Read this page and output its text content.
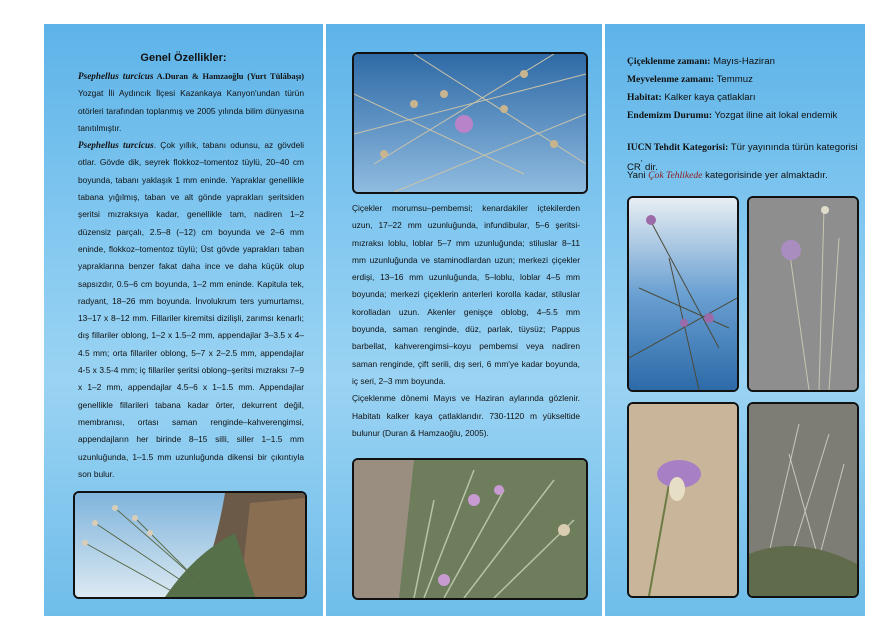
Genel Özellikler:
Psephellus turcicus A.Duran & Hamzaoğlu (Yurt Tülâbaşı) Yozgat İli Aydıncık İlçesi Kazankaya Kanyon'undan türün otörleri tarafından toplanmış ve 2005 yılında bilim dünyasına tanıtılmıştır.
Psephellus turcicus. Çok yıllık, tabanı odunsu, az gövdeli otlar. Gövde dik, seyrek flokkoz–tomentoz tüylü, 20–40 cm boyunda, tabanı yaklaşık 1 mm eninde. Yapraklar genellikle tabana yığılmış, taban ve alt gönde yaprakları şeritsiden şeritsi mızraksıya kadar, genellikle tam, nadiren 1–2 düzensiz parçalı, 2.5–8 (–12) cm boyunda ve 2–6 mm eninde, flokkoz–tomentoz tüylü; Üst gövde yaprakları taban yapraklarına benzer fakat daha ince ve daha küçük olup sapsızdır, 0.5–6 cm boyunda, 1–2 mm eninde. Kapitula tek, radyant, 18–26 mm boyunda. İnvolukrum ters yumurtamsı, 13–17 x 8–12 mm. Fillariler kiremitsi dizilişli, zarımsı kenarlı; dış fillariler oblong, 1–2 x 1.5–2 mm, appendajlar 3–3.5 x 4–4.5 mm; orta fillariler oblong, 5–7 x 2–2.5 mm, appendajlar 4-5 x 3.5-4 mm; iç fillariler şeritsi oblong–şeritsi mızraksı 7–9 x 1–2 mm, appendajlar 4.5–6 x 1–1.5 mm. Appendajlar genellikle fillarileri tabana kadar örter, dekurrent değil, membranısı, ortası saman renginde–kahverengimsi, appendajların her birinde 8–15 silli, siller 1–1.5 mm uzunluğunda, 1–1.5 mm uzunluğunda dikensi bir çıkıntıyla son bulur.
Çiçekler morumsu–pembemsi; kenardakiler içtekilerden uzun, 17–22 mm uzunluğunda, infundibular, 5–6 şeritsi-mızraksı loblu, loblar 5–7 mm uzunluğunda; stiluslar 8–11 mm uzunluğunda ve staminodlardan uzun; merkezi çiçekler erdişi, 13–16 mm uzunluğunda, 5–loblu, loblar 4–5 mm boyunda; merkezi çiçeklerin anterleri korolla kadar, stiluslar korolladan uzun. Akenler genişçe oblobg, 4–5.5 mm boyunda, saman renginde, düz, parlak, tüysüz; Pappus barbellat, kahverengimsi–koyu pembemsi veya nadiren saman renginde, çift serili, dış seri, 6 mm'ye kadar boyunda, iç seri, 2–3 mm boyunda.
Çiçeklenme dönemi Mayıs ve Haziran aylarında gözlenir. Habitatı kalker kaya çatlaklarıdır. 730-1120 m yükseltide bulunur (Duran & Hamzaoğlu, 2005).

Çiçeklenme zamanı: Mayıs-Haziran

Meyvelenme zamanı: Temmuz

Habitat: Kalker kaya çatlakları

Endemizm Durumu: Yozgat iline ait lokal endemik

IUCN Tehdit Kategorisi: Tür yayınında türün kategorisi CR' dir.

Yani Çok Tehlikede kategorisinde yer almaktadır.
